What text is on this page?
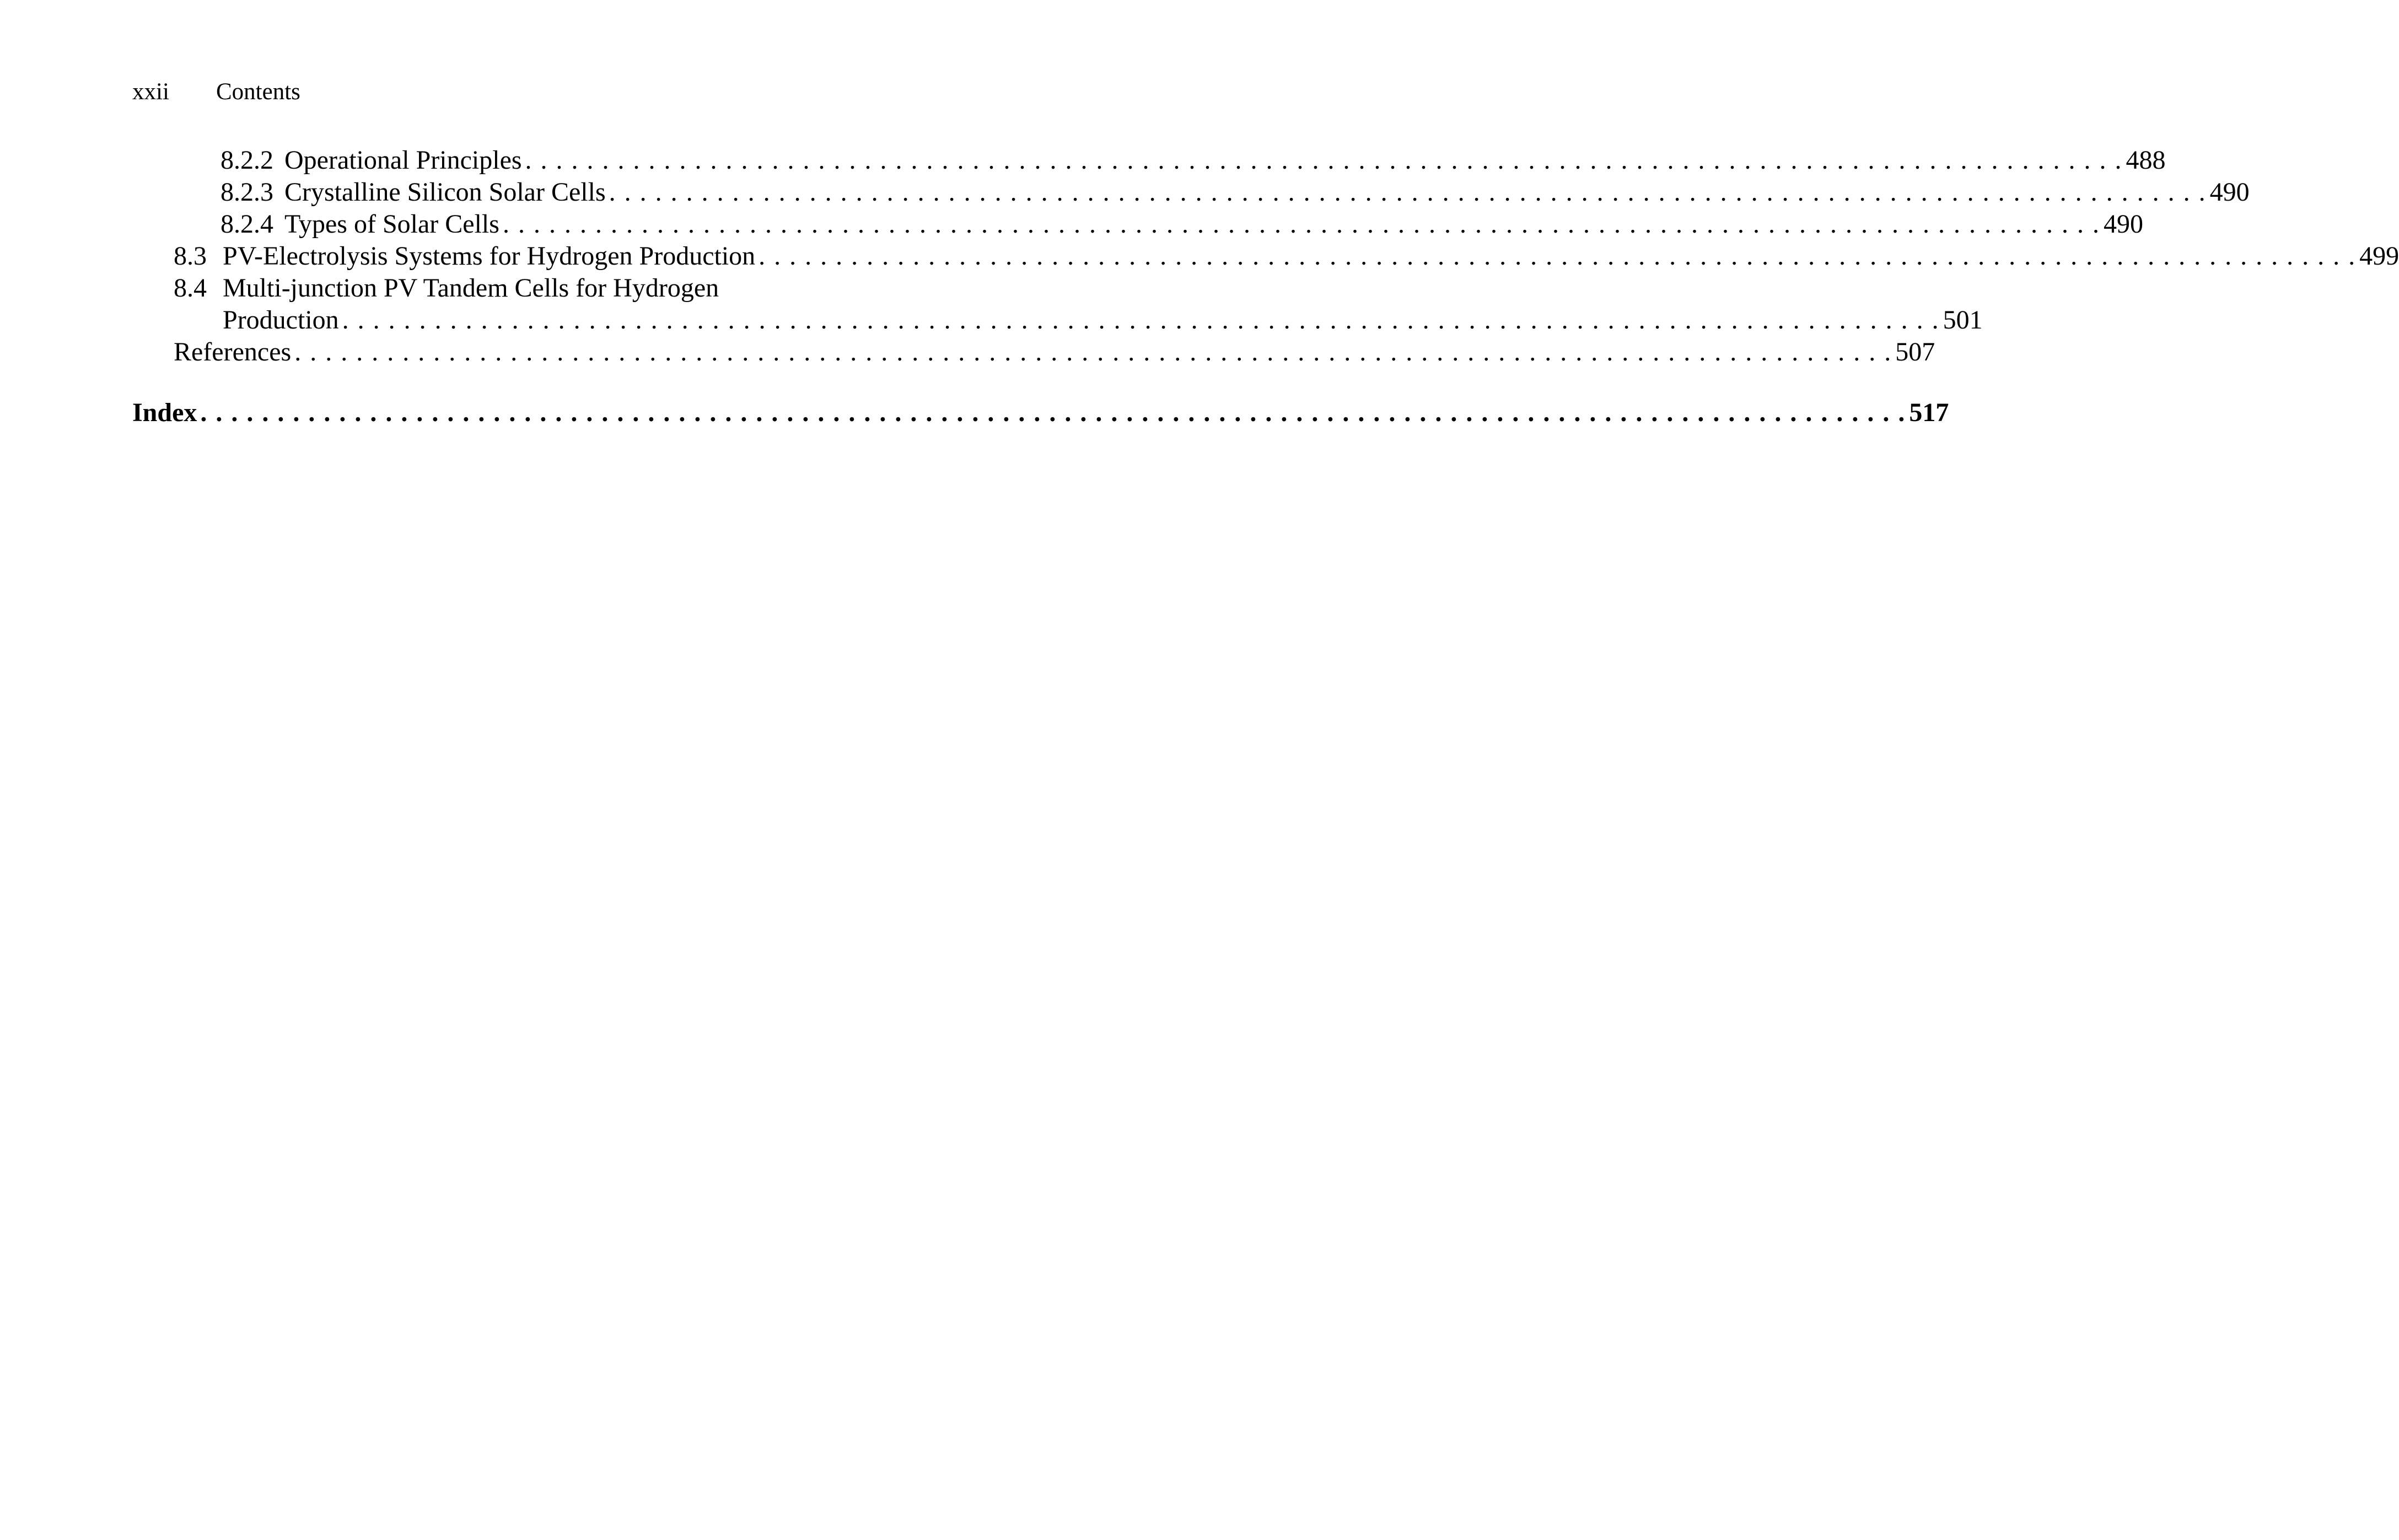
xxii	Contents
8.2.2 Operational Principles . . . . . . . . . . . . . . . . . . . . . . . . . . . . . . . . . . . . . . . . . . . . . . . . . . . . . . . . . . . . . . . . . . . . . . . . . . . . . . . . . . . . . . . . . . . . . . . . . . . . . . . . 488
8.2.3 Crystalline Silicon Solar Cells . . . . . . . . . . . . . . . . . . . . . . . . . . . . . . . . . . . . . . . . . . . . . . . . . . . . . . . . . . . . . . . . . . . . . . . . . . . . . . . . . . . . . . . . . . . . . . . . . . . . . . . . 490
8.2.4 Types of Solar Cells . . . . . . . . . . . . . . . . . . . . . . . . . . . . . . . . . . . . . . . . . . . . . . . . . . . . . . . . . . . . . . . . . . . . . . . . . . . . . . . . . . . . . . . . . . . . . . . . . . . . . . . . 490
8.3 PV-Electrolysis Systems for Hydrogen Production . . . . . . . . . . . . . . . . . . . . . . . . . . . . . . . . . . . . . . . . . . . . . . . . . . . . . . . . . . . . . . . . . . . . . . . . . . . . . . . . . . . . . . . . . . . . . . . . . . . . . . . . 499
8.4 Multi-junction PV Tandem Cells for Hydrogen
Production . . . . . . . . . . . . . . . . . . . . . . . . . . . . . . . . . . . . . . . . . . . . . . . . . . . . . . . . . . . . . . . . . . . . . . . . . . . . . . . . . . . . . . . . . . . . . . . . . . . . . . . . 501
References . . . . . . . . . . . . . . . . . . . . . . . . . . . . . . . . . . . . . . . . . . . . . . . . . . . . . . . . . . . . . . . . . . . . . . . . . . . . . . . . . . . . . . . . . . . . . . . . . . . . . . . . 507
Index . . . . . . . . . . . . . . . . . . . . . . . . . . . . . . . . . . . . . . . . . . . . . . . . . . . . . . . . . . . . . . . . . . . . . . . . . . . . . . . . . . . . . . . . . . . . . . . . . . . . . . . . . . . . . . . 517
